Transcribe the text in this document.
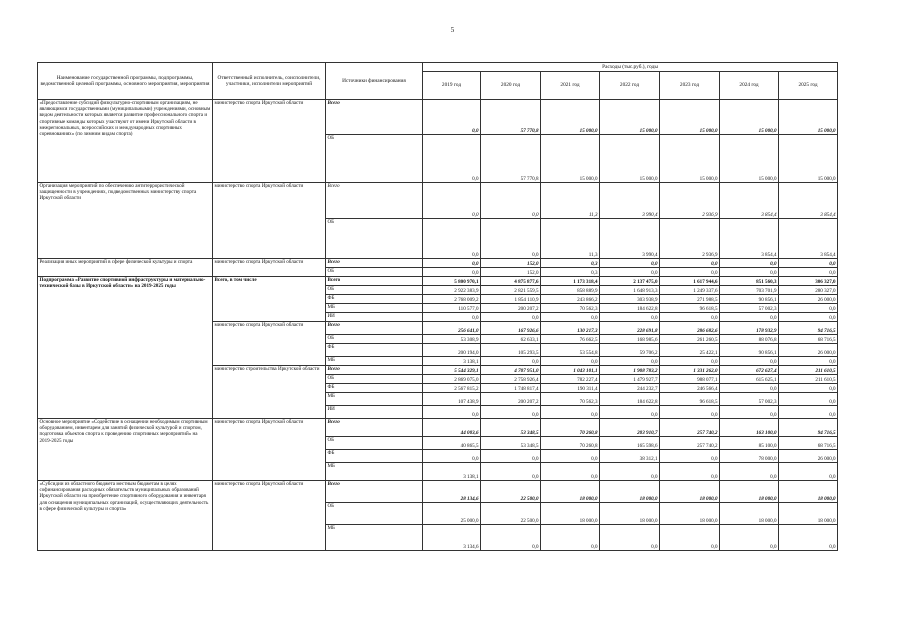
5
Наименование государственной программы, подпрограммы, ведомственной целевой программы, основного мероприятия, мероприятия	Ответственный исполнитель, соисполнители, участники, исполнители мероприятий	Источники финансирования	Расходы (тыс.руб.), годы						
			2019 год	2020 год	2021 год	2022 год	2023 год	2024 год	2025 год
«Предоставление субсидий физкультурно-спортивным организациям, не являющимся государственными (муниципальными) учреждениями, основным видом деятельности которых является развитие профессионального спорта и спортивные команды которых участвуют от имени Иркутской области в межрегиональных, всероссийских и международных спортивных соревнованиях» (по зимним видам спорта)	министерство спорта Иркутской области	Всего	0,0	57 770,8	15 000,0	15 000,0	15 000,0	15 000,0	15 000,0
		ОБ	0,0	57 770,8	15 000,0	15 000,0	15 000,0	15 000,0	15 000,0
Организация мероприятий по обеспечению антитеррористической защищенности в учреждениях, подведомственных министерству спорта Иркутской области	министерство спорта Иркутской области	Всего	0,0	0,0	11,3	3 990,4	2 936,9	3 854,4	3 854,4
		ОБ	0,0	0,0	11,3	3 990,4	2 936,9	3 854,4	3 854,4
Реализация иных мероприятий в сфере физической культуры и спорта	министерство спорта Иркутской области	Всего	0,0	152,0	0,3	0,0	0,0	0,0	0,0
		ОБ	0,0	152,0	0,3	0,0	0,0	0,0	0,0
Подпрограмма «Развитие спортивной инфраструктуры и материально-технической базы в Иркутской области» на 2019-2025 годы	Всего, в том числе	Всего	5 800 970,1	4 875 877,6	1 173 318,4	2 137 475,0	1 617 944,6	851 560,3	306 327,0
		ОБ	2 922 383,9	2 821 559,5	858 889,9	1 648 913,3	1 249 337,6	703 701,9	280 327,0
		ФБ	2 768 009,2	1 854 110,9	243 866,2	303 938,9	271 988,5	90 856,1	26 000,0
		МБ	110 577,0	200 207,2	70 562,3	184 622,8	96 618,5	57 002,3	0,0
		ИИ	0,0	0,0	0,0	0,0	0,0	0,0	0,0
	министерство спорта Иркутской области	Всего	256 641,0	167 926,6	130 217,3	228 691,8	286 682,6	178 932,9	94 716,5
		ОБ	53 308,9	62 633,1	76 662,5	168 985,6	261 260,5	88 076,8	68 716,5
		ФБ	200 194,0	105 293,5	53 554,8	59 706,2	25 422,1	90 856,1	26 000,0
		МБ	3 138,1	0,0	0,0	0,0	0,0	0,0	0,0
	министерство строительства Иркутской области	Всего	5 544 329,1	4 707 951,0	1 043 101,1	1 908 783,2	1 331 262,0	672 627,4	211 610,5
		ОБ	2 869 075,0	2 758 926,4	782 227,4	1 479 927,7	988 077,1	615 625,1	211 610,5
		ФБ	2 567 815,2	1 748 817,4	190 311,4	244 232,7	246 566,4	0,0	0,0
		МБ	107 438,9	200 207,2	70 562,3	184 622,8	96 618,5	57 002,3	0,0
		ИИ	0,0	0,0	0,0	0,0	0,0	0,0	0,0
Основное мероприятие «Содействие в оснащении необходимым спортивным оборудованием, инвентарем для занятий физической культурой и спортом, подготовка объектов спорта к проведению спортивных мероприятий» на 2019-2025 годы	министерство спорта Иркутской области	Всего	44 003,6	53 348,5	70 260,8	203 910,7	257 740,2	163 100,0	94 716,5
		ОБ	40 865,5	53 348,5	70 260,8	165 598,6	257 740,2	85 100,0	68 716,5
		ФБ	0,0	0,0	0,0	38 312,1	0,0	78 000,0	26 000,0
		МБ	3 138,1	0,0	0,0	0,0	0,0	0,0	0,0
«Субсидии из областного бюджета местным бюджетам в целях софинансирования расходных обязательств муниципальных образований Иркутской области на приобретение спортивного оборудования и инвентаря для оснащения муниципальных организаций, осуществляющих деятельность в сфере физической культуры и спорта»	министерство спорта Иркутской области	Всего	28 134,6	22 500,0	18 000,0	18 000,0	18 000,0	18 000,0	18 000,0
		ОБ	25 000,0	22 500,0	18 000,0	18 000,0	18 000,0	18 000,0	18 000,0
		МБ	3 134,6	0,0	0,0	0,0	0,0	0,0	0,0
